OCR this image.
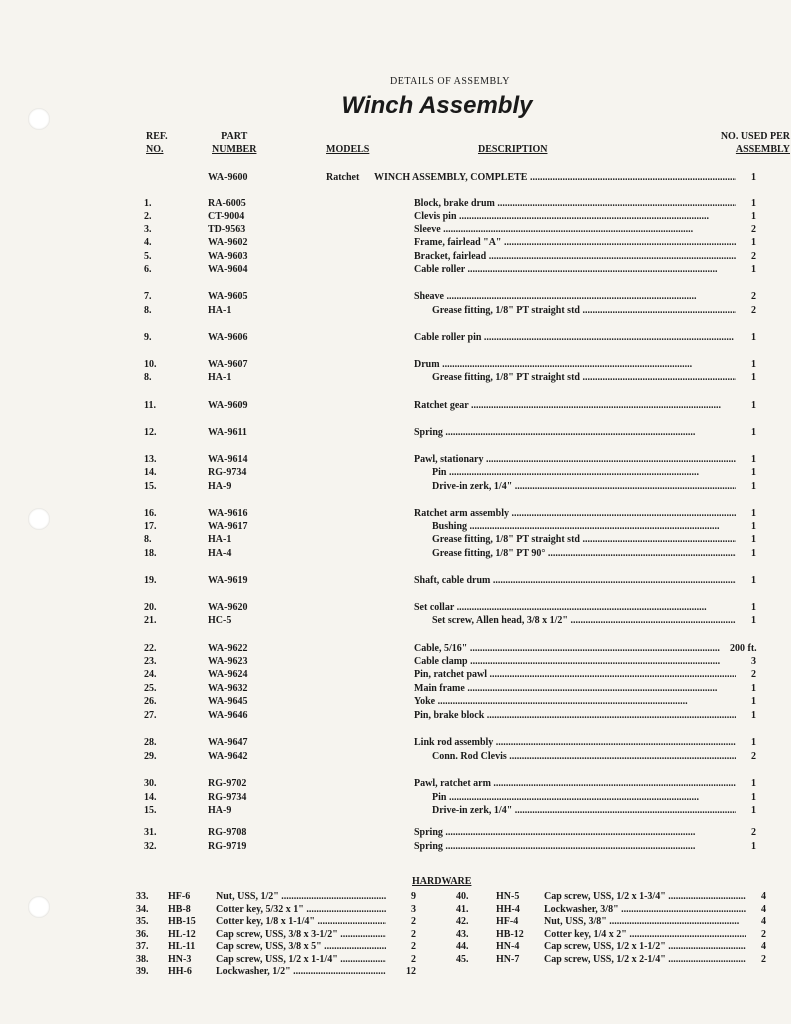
DETAILS OF ASSEMBLY
Winch Assembly
REF.
NO.
PART
NUMBER	MODELS	DESCRIPTION
NO. USED PER
ASSEMBLY
WA-9600	Ratchet WINCH ASSEMBLY, COMPLETE .....	1
1.	RA-6005	Block, brake drum .....	1
2.	CT-9004	Clevis pin .....	1
3.	TD-9563	Sleeve .....	2
4.	WA-9602	Frame, fairlead "A" .....	1
5.	WA-9603	Bracket, fairlead .....	2
6.	WA-9604	Cable roller .....	1
7.	WA-9605	Sheave .....	2
8.	HA-1	Grease fitting, 1/8" PT straight std .....	2
9.	WA-9606	Cable roller pin .....	1
10.	WA-9607	Drum .....	1
8.	HA-1	Grease fitting, 1/8" PT straight std .....	1
11.	WA-9609	Ratchet gear .....	1
12.	WA-9611	Spring .....	1
13.	WA-9614	Pawl, stationary .....	1
14.	RG-9734	Pin .....	1
15.	HA-9	Drive-in zerk, 1/4" .....	1
16.	WA-9616	Ratchet arm assembly .....	1
17.	WA-9617	Bushing .....	1
8.	HA-1	Grease fitting, 1/8" PT straight std .....	1
18.	HA-4	Grease fitting, 1/8" PT 90° .....	1
19.	WA-9619	Shaft, cable drum .....	1
20.	WA-9620	Set collar .....	1
21.	HC-5	Set screw, Allen head, 3/8 x 1/2" .....	1
22.	WA-9622	Cable, 5/16" .....	200 ft.
23.	WA-9623	Cable clamp .....	3
24.	WA-9624	Pin, ratchet pawl .....	2
25.	WA-9632	Main frame .....	1
26.	WA-9645	Yoke .....	1
27.	WA-9646	Pin, brake block .....	1
28.	WA-9647	Link rod assembly .....	1
29.	WA-9642	Conn. Rod Clevis .....	2
30.	RG-9702	Pawl, ratchet arm .....	1
14.	RG-9734	Pin .....	1
15.	HA-9	Drive-in zerk, 1/4" .....	1
31.	RG-9708	Spring .....	2
32.	RG-9719	Spring .....	1
HARDWARE
33. HF-6	Nut, USS, 1/2" .....	9
34. HB-8	Cotter key, 5/32 x 1" .....	3
35. HB-15 Cotter key, 1/8 x 1-1/4" .....	2
36. HL-12 Cap screw, USS, 3/8 x 3-1/2" .....	2
37. HL-11 Cap screw, USS, 3/8 x 5" .....	2
38. HN-3 Cap screw, USS, 1/2 x 1-1/4" .....	2
39. HH-6 Lockwasher, 1/2" .....	12
40.	HN-5 Cap screw, USS, 1/2 x 1-3/4" .....	4
41.	HH-4 Lockwasher, 3/8" .....	4
42.	HF-4	Nut, USS, 3/8" .....	4
43.	HB-12 Cotter key, 1/4 x 2" .....	2
44.	HN-4 Cap screw, USS, 1/2 x 1-1/2" .....	4
45.	HN-7 Cap screw, USS, 1/2 x 2-1/4" .....	2
